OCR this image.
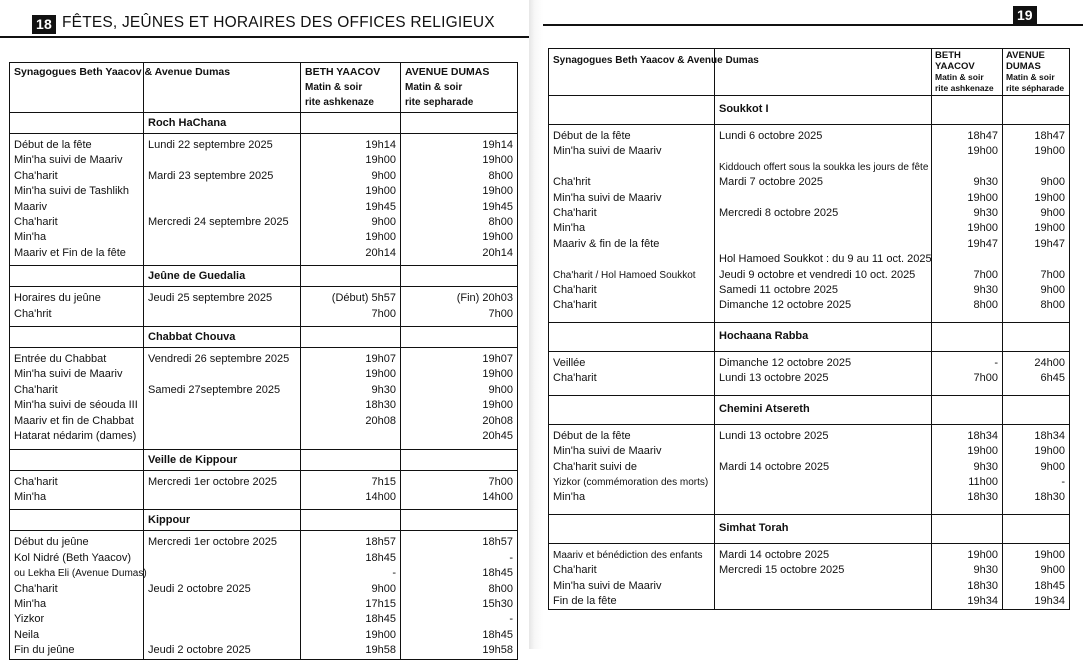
18 FÊTES, JEÛNES ET HORAIRES DES OFFICES RELIGIEUX
Synagogues Beth Yaacov & Avenue Dumas		BETH YAACOV
Matin & soir
rite ashkenaze	AVENUE DUMAS
Matin & soir
rite sepharade

	Roch HaChana		
Début de la fête	Lundi 22 septembre 2025	19h14	19h14
Min'ha suivi de Maariv		19h00	19h00
Cha'harit	Mardi 23 septembre 2025	9h00	8h00
Min'ha suivi de Tashlikh		19h00	19h00
Maariv		19h45	19h45
Cha'harit	Mercredi 24 septembre 2025	9h00	8h00
Min'ha		19h00	19h00
Maariv et Fin de la fête		20h14	20h14

	Jeûne de Guedalia		
Horaires du jeûne	Jeudi 25 septembre 2025	(Début) 5h57	(Fin) 20h03
Cha'hrit		7h00	7h00

	Chabbat Chouva		
Entrée du Chabbat	Vendredi 26 septembre 2025	19h07	19h07
Min'ha suivi de Maariv		19h00	19h00
Cha'harit	Samedi 27septembre 2025	9h30	9h00
Min'ha suivi de séouda III		18h30	19h00
Maariv et fin de Chabbat		20h08	20h08
Hatarat nédarim (dames)			20h45

	Veille de Kippour		
Cha'harit	Mercredi 1er octobre 2025	7h15	7h00
Min'ha		14h00	14h00

	Kippour		
Début du jeûne	Mercredi 1er octobre 2025	18h57	18h57
Kol Nidré (Beth Yaacov)		18h45	-
ou Lekha Eli (Avenue Dumas)		-	18h45
Cha'harit	Jeudi 2 octobre 2025	9h00	8h00
Min'ha		17h15	15h30
Yizkor		18h45	-
Neila		19h00	18h45
Fin du jeûne	Jeudi 2 octobre 2025	19h58	19h58
19
Synagogues Beth Yaacov & Avenue Dumas		BETH
YAACOV
Matin & soir
rite ashkenaze	AVENUE
DUMAS
Matin & soir
rite sépharade

	Soukkot I		
Début de la fête	Lundi 6 octobre 2025	18h47	18h47
Min'ha suivi de Maariv		19h00	19h00
	Kiddouch offert sous la soukka les jours de fête		
Cha'hrit	Mardi 7 octobre 2025	9h30	9h00
Min'ha suivi de Maariv		19h00	19h00
Cha'harit	Mercredi 8 octobre 2025	9h30	9h00
Min'ha		19h00	19h00
Maariv & fin de la fête		19h47	19h47
	Hol Hamoed Soukkot : du 9 au 11 oct. 2025		
Cha'harit / Hol Hamoed Soukkot	Jeudi 9 octobre et vendredi 10 oct. 2025	7h00	7h00
Cha'harit	Samedi 11 octobre 2025	9h30	9h00
Cha'harit	Dimanche 12 octobre 2025	8h00	8h00

	Hochaana Rabba		
Veillée	Dimanche 12 octobre 2025	-	24h00
Cha'harit	Lundi 13 octobre 2025	7h00	6h45

	Chemini Atsereth		
Début de la fête	Lundi 13 octobre 2025	18h34	18h34
Min'ha suivi de Maariv		19h00	19h00
Cha'harit suivi de	Mardi 14 octobre 2025	9h30	9h00
Yizkor (commémoration des morts)		11h00	-
Min'ha		18h30	18h30

	Simhat Torah		
Maariv et bénédiction des enfants	Mardi 14 octobre 2025	19h00	19h00
Cha'harit	Mercredi 15 octobre 2025	9h30	9h00
Min'ha suivi de Maariv		18h30	18h45
Fin de la fête		19h34	19h34
